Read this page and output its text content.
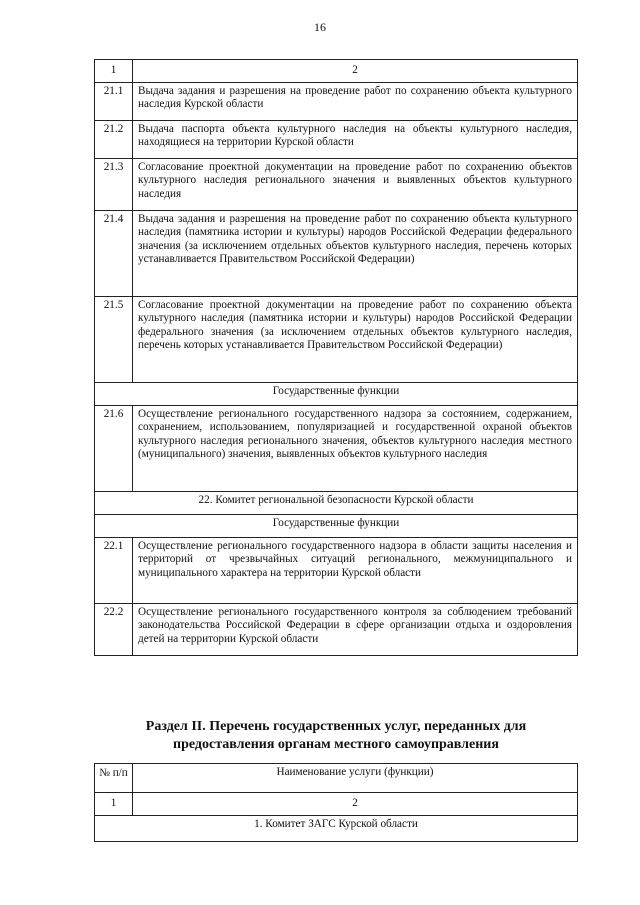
16
1	2
21.1	Выдача задания и разрешения на проведение работ по сохранению объекта культурного наследия Курской области
21.2	Выдача паспорта объекта культурного наследия на объекты культурного наследия, находящиеся на территории Курской области
21.3	Согласование проектной документации на проведение работ по сохранению объектов культурного наследия регионального значения и выявленных объектов культурного наследия
21.4	Выдача задания и разрешения на проведение работ по сохранению объекта культурного наследия (памятника истории и культуры) народов Российской Федерации федерального значения (за исключением отдельных объектов культурного наследия, перечень которых устанавливается Правительством Российской Федерации)
21.5	Согласование проектной документации на проведение работ по сохранению объекта культурного наследия (памятника истории и культуры) народов Российской Федерации федерального значения (за исключением отдельных объектов культурного наследия, перечень которых устанавливается Правительством Российской Федерации)
Государственные функции	
21.6	Осуществление регионального государственного надзора за состоянием, содержанием, сохранением, использованием, популяризацией и государственной охраной объектов культурного наследия регионального значения, объектов культурного наследия местного (муниципального) значения, выявленных объектов культурного наследия
22. Комитет региональной безопасности Курской области	
Государственные функции	
22.1	Осуществление регионального государственного надзора в области защиты населения и территорий от чрезвычайных ситуаций регионального, межмуниципального и муниципального характера на территории Курской области
22.2	Осуществление регионального государственного контроля за соблюдением требований законодательства Российской Федерации в сфере организации отдыха и оздоровления детей на территории Курской области
Раздел II. Перечень государственных услуг, переданных для предоставления органам местного самоуправления
№ п/п	Наименование услуги (функции)
1	2
1. Комитет ЗАГС Курской области	
